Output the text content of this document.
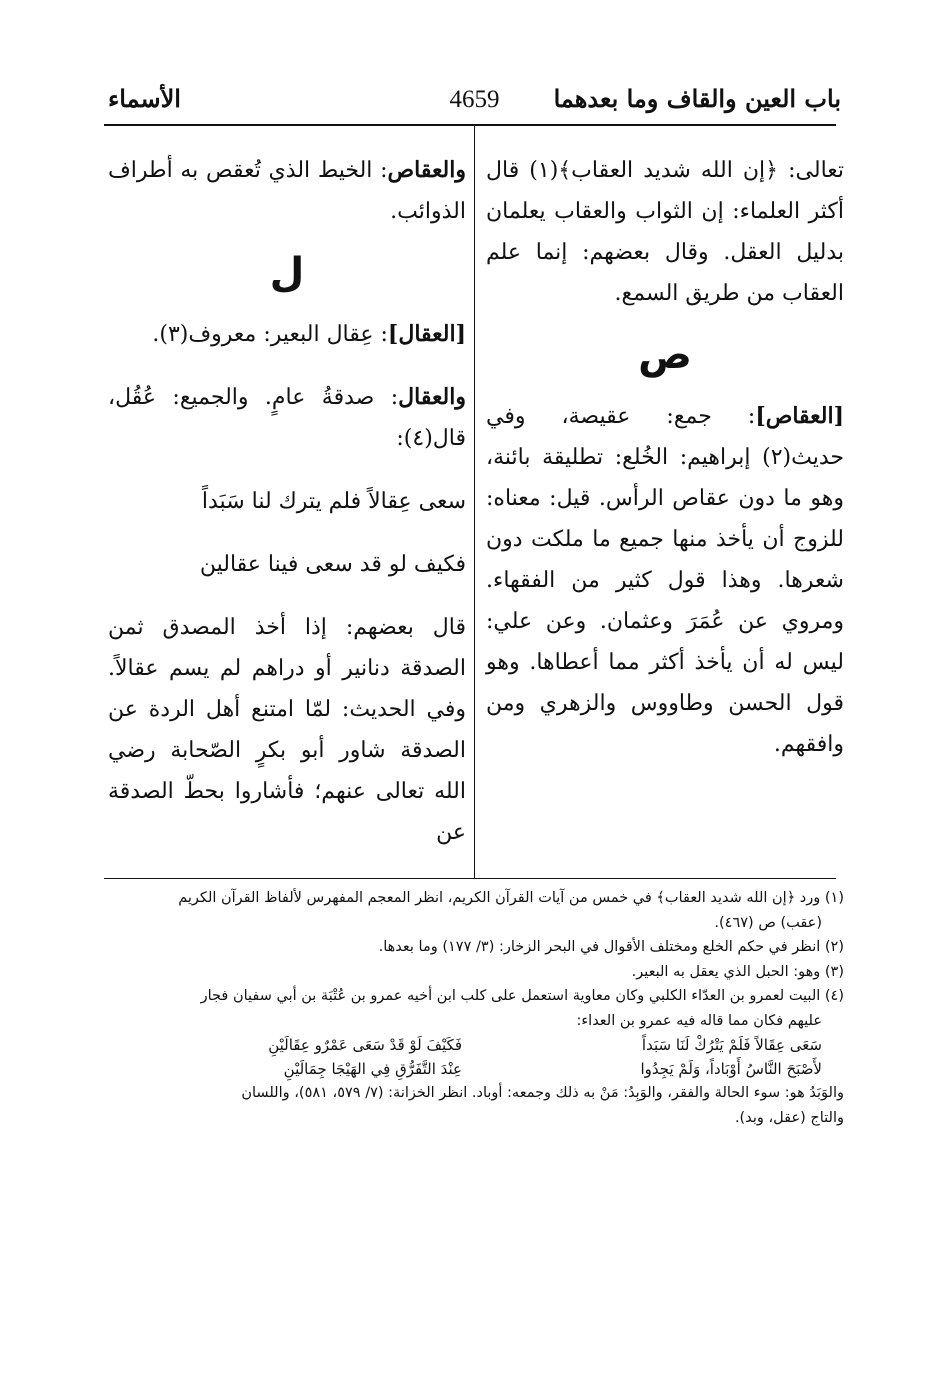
باب العين والقاف وما بعدهما
4659
الأسماء

تعالى: ﴿إن الله شديد العقاب﴾(١) قال أكثر العلماء: إن الثواب والعقاب يعلمان بدليل العقل. وقال بعضهم: إنما علم العقاب من طريق السمع.

ص

[العقاص]: جمع: عقيصة، وفي حديث(٢) إبراهيم: الخُلع: تطليقة بائنة، وهو ما دون عقاص الرأس. قيل: معناه: للزوج أن يأخذ منها جميع ما ملكت دون شعرها. وهذا قول كثير من الفقهاء. ومروي عن عُمَرَ وعثمان. وعن علي: ليس له أن يأخذ أكثر مما أعطاها. وهو قول الحسن وطاووس والزهري ومن وافقهم.

والعقاص: الخيط الذي تُعقص به أطراف الذوائب.

ل

[العقال]: عِقال البعير: معروف(٣).

والعقال: صدقةُ عامٍ. والجميع: عُقُل، قال(٤):

سعى عِقالاً فلم يترك لنا سَبَداً

فكيف لو قد سعى فينا عقالين

قال بعضهم: إذا أخذ المصدق ثمن الصدقة دنانير أو دراهم لم يسم عقالاً. وفي الحديث: لمّا امتنع أهل الردة عن الصدقة شاور أبو بكرٍ الصّحابة رضي الله تعالى عنهم؛ فأشاروا بحطّ الصدقة عن

(١) ورد ﴿إن الله شديد العقاب﴾ في خمس من آيات القرآن الكريم، انظر المعجم المفهرس لألفاظ القرآن الكريم

(عقب) ص (٤٦٧).

(٢) انظر في حكم الخلع ومختلف الأقوال في البحر الزخار: (٣/ ١٧٧) وما بعدها.

(٣) وهو: الحبل الذي يعقل به البعير.

(٤) البيت لعمرو بن العدّاء الكلبي وكان معاوية استعمل على كلب ابن أخيه عمرو بن عُتْبَة بن أبي سفيان فجار

عليهم فكان مما قاله فيه عمرو بن العداء:

سَعَى عِقَالاً فَلَمْ يَتْرُكْ لَنَا سَبَداً
فَكَيْفَ لَوْ قَدْ سَعَى عَمْرٌو عِقَالَيْنِ
لأَصْبَحَ النَّاسُ أَوْبَاداً، وَلَمْ يَجِدُوا
عِنْدَ التَّفَرُّقِ فِي الهَيْجَا جِمَالَيْنِ

والوَبَدُ هو: سوء الحالة والفقر، والوَبِدُ: مَنْ به ذلك وجمعه: أوباد. انظر الخزانة: (٧/ ٥٧٩، ٥٨١)، واللسان

والتاج (عقل، وبد).
